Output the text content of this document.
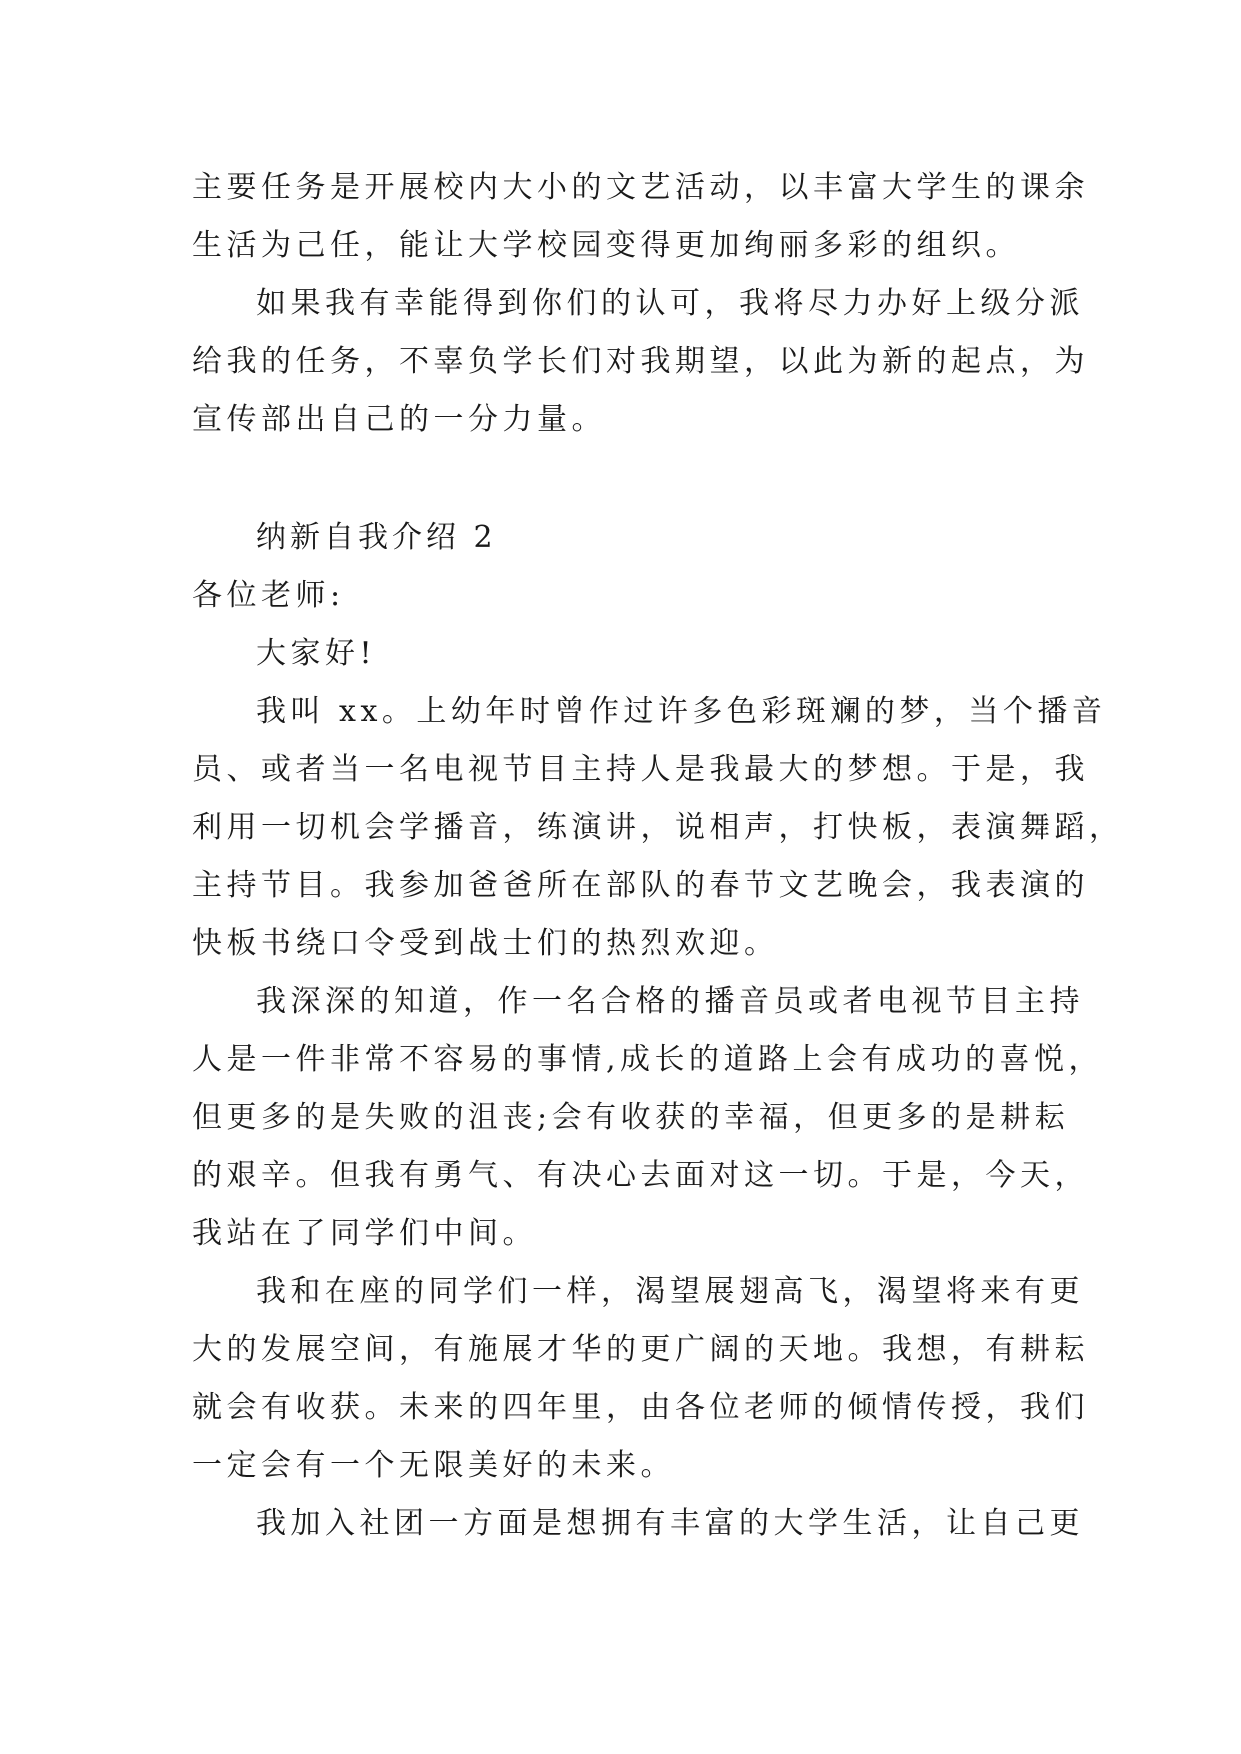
主要任务是开展校内大小的文艺活动，以丰富大学生的课余
生活为己任，能让大学校园变得更加绚丽多彩的组织。
如果我有幸能得到你们的认可，我将尽力办好上级分派
给我的任务，不辜负学长们对我期望，以此为新的起点，为
宣传部出自己的一分力量。
纳新自我介绍 2
各位老师:
大家好!
我叫 xx。上幼年时曾作过许多色彩斑斓的梦，当个播音
员、或者当一名电视节目主持人是我最大的梦想。于是，我
利用一切机会学播音，练演讲，说相声，打快板，表演舞蹈，
主持节目。我参加爸爸所在部队的春节文艺晚会，我表演的
快板书绕口令受到战士们的热烈欢迎。
我深深的知道，作一名合格的播音员或者电视节目主持
人是一件非常不容易的事情,成长的道路上会有成功的喜悦，
但更多的是失败的沮丧;会有收获的幸福，但更多的是耕耘
的艰辛。但我有勇气、有决心去面对这一切。于是，今天，
我站在了同学们中间。
我和在座的同学们一样，渴望展翅高飞，渴望将来有更
大的发展空间，有施展才华的更广阔的天地。我想，有耕耘
就会有收获。未来的四年里，由各位老师的倾情传授，我们
一定会有一个无限美好的未来。
我加入社团一方面是想拥有丰富的大学生活，让自己更
